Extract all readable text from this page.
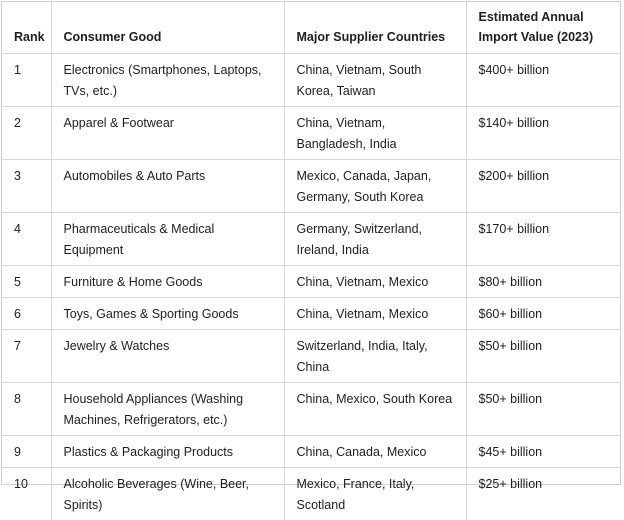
Rank	Consumer Good	Major Supplier Countries	Estimated Annual Import Value (2023)
1	Electronics (Smartphones, Laptops, TVs, etc.)	China, Vietnam, South Korea, Taiwan	$400+ billion
2	Apparel & Footwear	China, Vietnam, Bangladesh, India	$140+ billion
3	Automobiles & Auto Parts	Mexico, Canada, Japan, Germany, South Korea	$200+ billion
4	Pharmaceuticals & Medical Equipment	Germany, Switzerland, Ireland, India	$170+ billion
5	Furniture & Home Goods	China, Vietnam, Mexico	$80+ billion
6	Toys, Games & Sporting Goods	China, Vietnam, Mexico	$60+ billion
7	Jewelry & Watches	Switzerland, India, Italy, China	$50+ billion
8	Household Appliances (Washing Machines, Refrigerators, etc.)	China, Mexico, South Korea	$50+ billion
9	Plastics & Packaging Products	China, Canada, Mexico	$45+ billion
10	Alcoholic Beverages (Wine, Beer, Spirits)	Mexico, France, Italy, Scotland	$25+ billion
